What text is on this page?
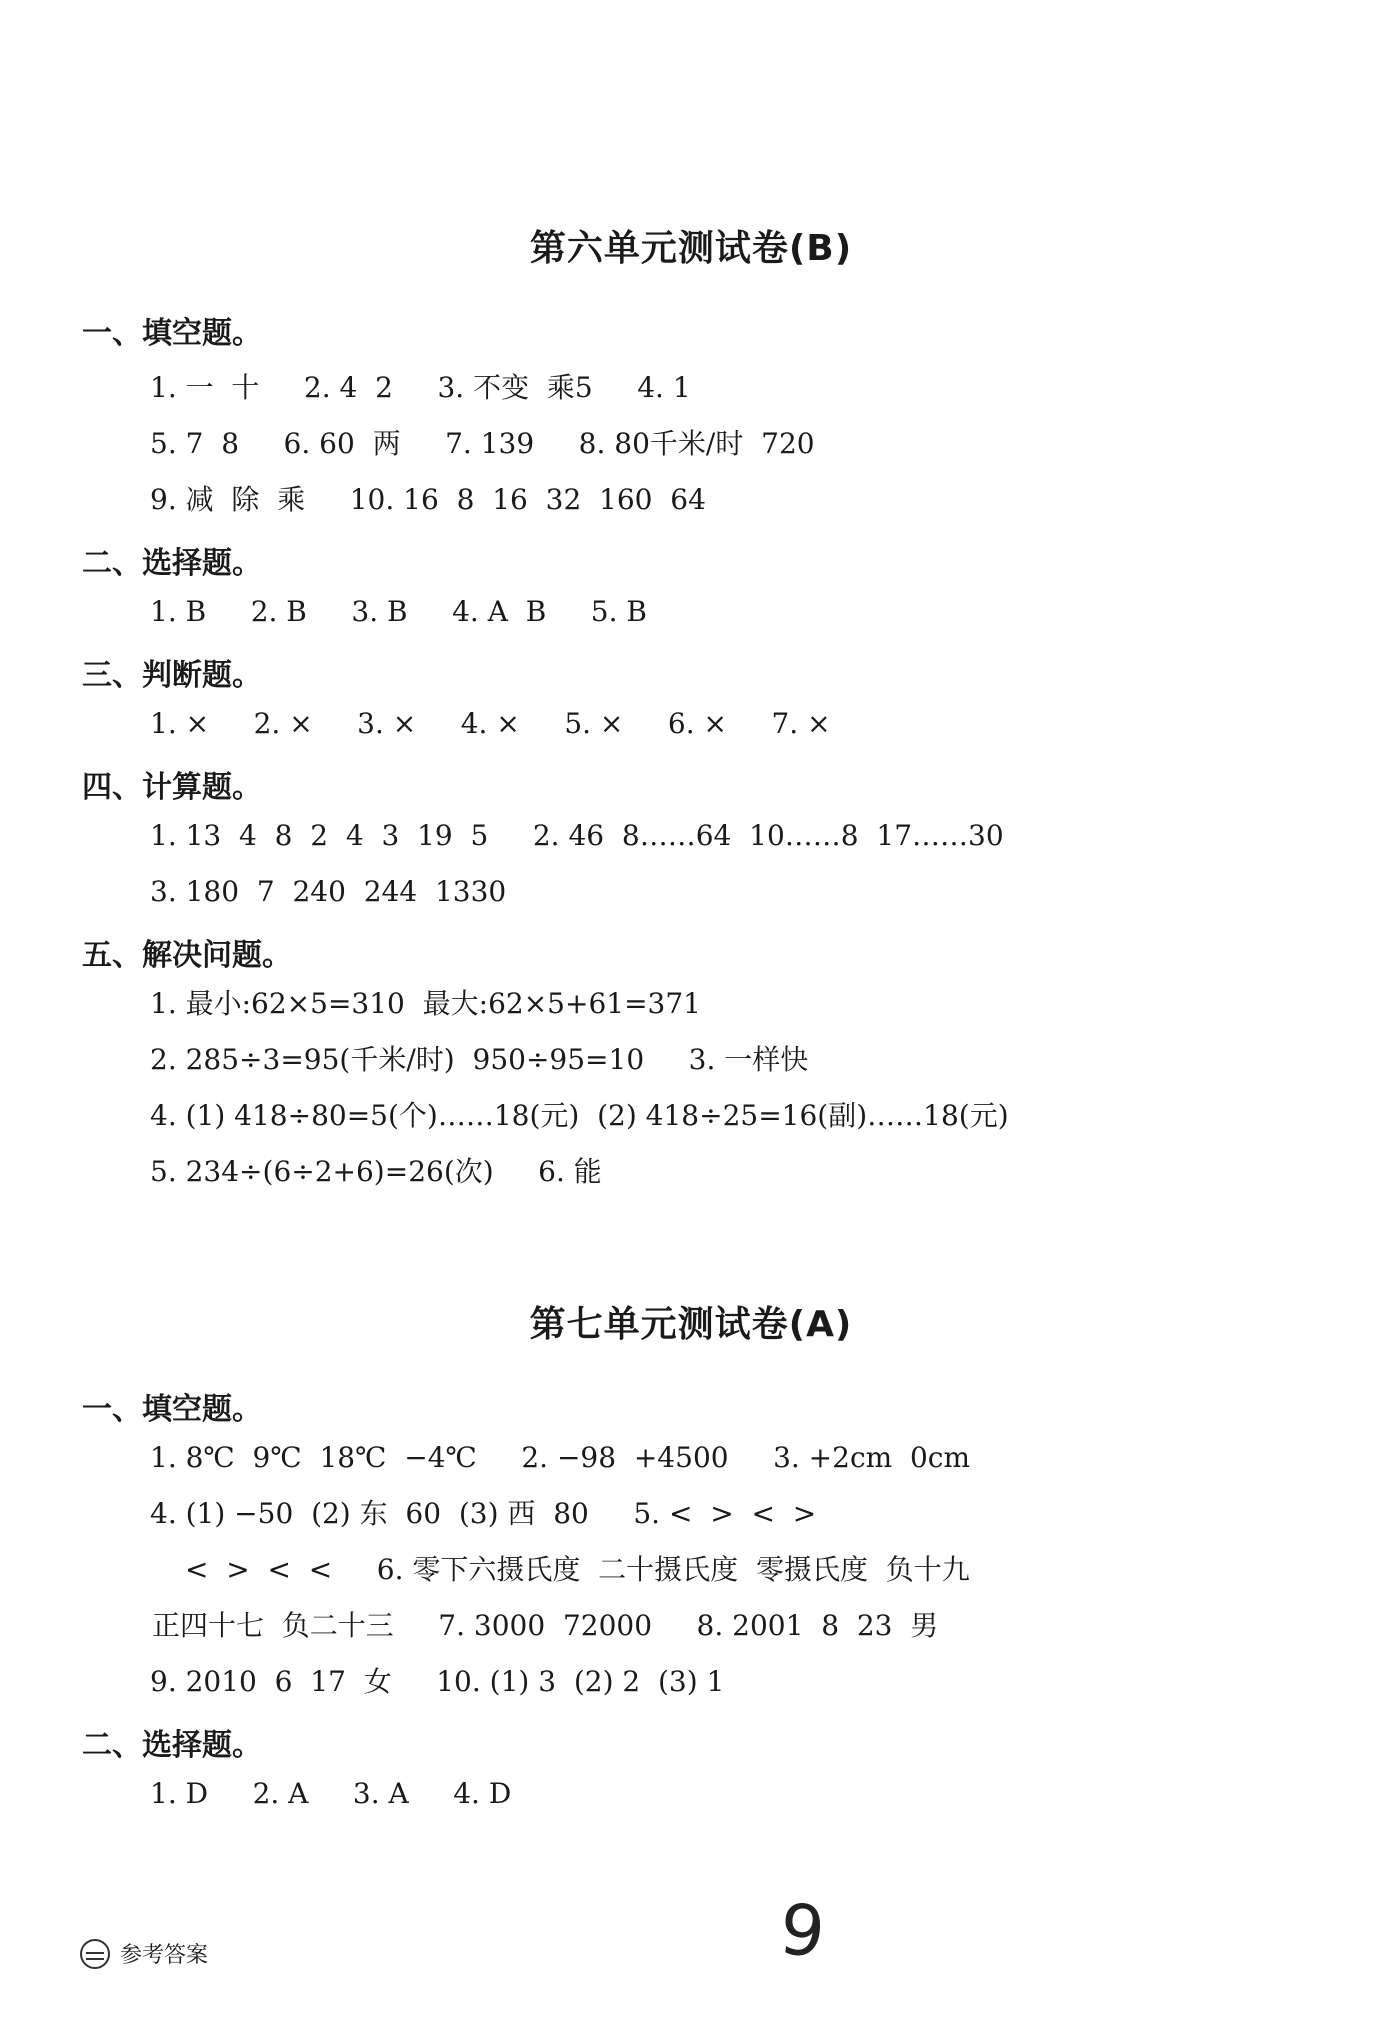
第六单元测试卷(B)
一、填空题。
1. 一  十     2. 4  2     3. 不变  乘5     4. 1
5. 7  8     6. 60  两     7. 139     8. 80千米/时  720
9. 减  除  乘     10. 16  8  16  32  160  64
二、选择题。
1. B     2. B     3. B     4. A  B     5. B
三、判断题。
1. ×     2. ×     3. ×     4. ×     5. ×     6. ×     7. ×
四、计算题。
1. 13  4  8  2  4  3  19  5     2. 46  8……64  10……8  17……30
3. 180  7  240  244  1330
五、解决问题。
1. 最小:62×5=310  最大:62×5+61=371
2. 285÷3=95(千米/时)  950÷95=10     3. 一样快
4. (1) 418÷80=5(个)……18(元)  (2) 418÷25=16(副)……18(元)
5. 234÷(6÷2+6)=26(次)     6. 能
第七单元测试卷(A)
一、填空题。
1. 8℃  9℃  18℃  −4℃     2. −98  +4500     3. +2cm  0cm
4. (1) −50  (2) 东  60  (3) 西  80     5. <  >  <  >
<  >  <  <     6. 零下六摄氏度  二十摄氏度  零摄氏度  负十九
正四十七  负二十三     7. 3000  72000     8. 2001  8  23  男
9. 2010  6  17  女     10. (1) 3  (2) 2  (3) 1
二、选择题。
1. D     2. A     3. A     4. D
参考答案	9
